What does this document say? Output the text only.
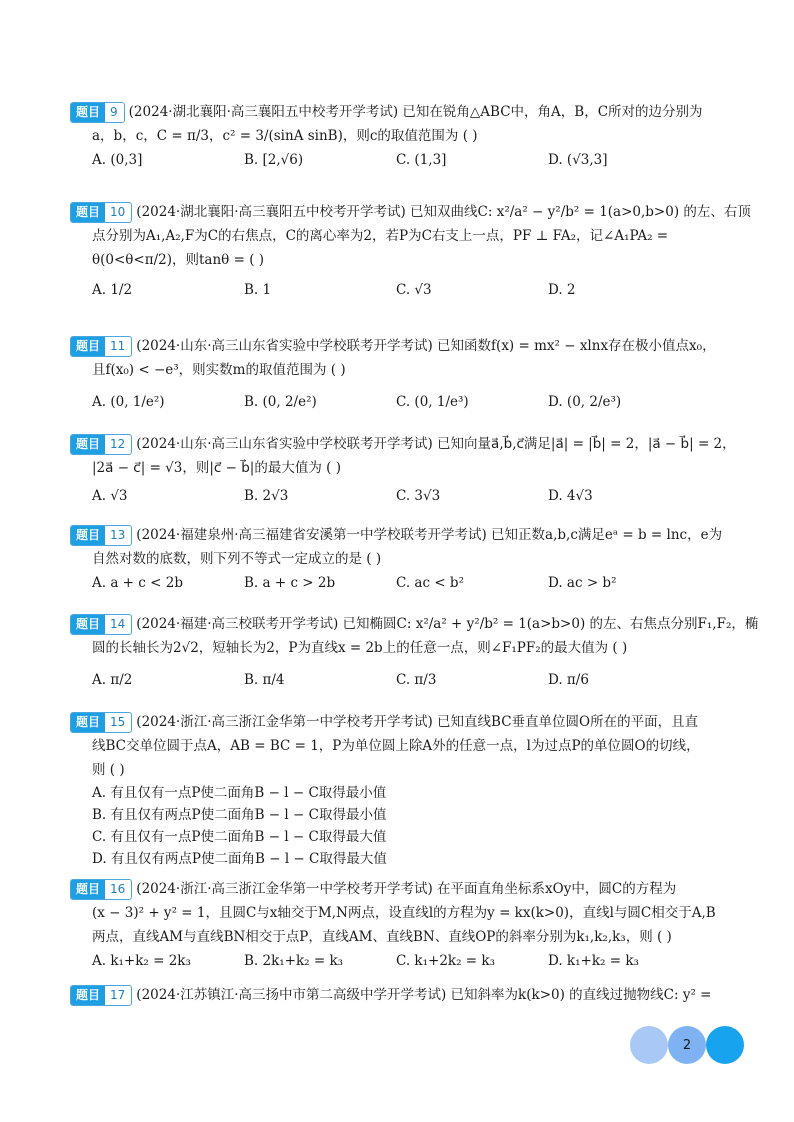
题目 9 (2024·湖北襄阳·高三襄阳五中校考开学考试) 已知在锐角△ABC中，角A，B，C所对的边分别为
a，b，c，C = π/3，c² = 3/(sinA sinB)，则c的取值范围为 ( )
A. (0,3]	B. [2,√6)	C. (1,3]	D. (√3,3]
题目 10 (2024·湖北襄阳·高三襄阳五中校考开学考试) 已知双曲线C: x²/a² − y²/b² = 1(a>0,b>0) 的左、右顶
点分别为A₁,A₂,F为C的右焦点，C的离心率为2，若P为C右支上一点，PF ⊥ FA₂，记∠A₁PA₂ =
θ(0<θ<π/2)，则tanθ = ( )
A. 1/2	B. 1	C. √3	D. 2
题目 11 (2024·山东·高三山东省实验中学校联考开学考试) 已知函数f(x) = mx² − xlnx存在极小值点x₀，
且f(x₀) < −e³，则实数m的取值范围为 ( )
A. (0, 1/e²)	B. (0, 2/e²)	C. (0, 1/e³)	D. (0, 2/e³)
题目 12 (2024·山东·高三山东省实验中学校联考开学考试) 已知向量a⃗,b⃗,c⃗满足|a⃗| = |b⃗| = 2，|a⃗ − b⃗| = 2，
|2a⃗ − c⃗| = √3，则|c⃗ − b⃗|的最大值为 ( )
A. √3	B. 2√3	C. 3√3	D. 4√3
题目 13 (2024·福建泉州·高三福建省安溪第一中学校联考开学考试) 已知正数a,b,c满足eᵃ = b = lnc，e为
自然对数的底数，则下列不等式一定成立的是 ( )
A. a + c < 2b	B. a + c > 2b	C. ac < b²	D. ac > b²
题目 14 (2024·福建·高三校联考开学考试) 已知椭圆C: x²/a² + y²/b² = 1(a>b>0) 的左、右焦点分别F₁,F₂，椭
圆的长轴长为2√2，短轴长为2，P为直线x = 2b上的任意一点，则∠F₁PF₂的最大值为 ( )
A. π/2	B. π/4	C. π/3	D. π/6
题目 15 (2024·浙江·高三浙江金华第一中学校考开学考试) 已知直线BC垂直单位圆O所在的平面，且直
线BC交单位圆于点A，AB = BC = 1，P为单位圆上除A外的任意一点，l为过点P的单位圆O的切线，
则 ( )
A. 有且仅有一点P使二面角B − l − C取得最小值
B. 有且仅有两点P使二面角B − l − C取得最小值
C. 有且仅有一点P使二面角B − l − C取得最大值
D. 有且仅有两点P使二面角B − l − C取得最大值
题目 16 (2024·浙江·高三浙江金华第一中学校考开学考试) 在平面直角坐标系xOy中，圆C的方程为
(x − 3)² + y² = 1，且圆C与x轴交于M,N两点，设直线l的方程为y = kx(k>0)，直线l与圆C相交于A,B
两点，直线AM与直线BN相交于点P，直线AM、直线BN、直线OP的斜率分别为k₁,k₂,k₃，则 ( )
A. k₁+k₂ = 2k₃	B. 2k₁+k₂ = k₃	C. k₁+2k₂ = k₃	D. k₁+k₂ = k₃
题目 17 (2024·江苏镇江·高三扬中市第二高级中学开学考试) 已知斜率为k(k>0) 的直线过抛物线C: y² =
2
